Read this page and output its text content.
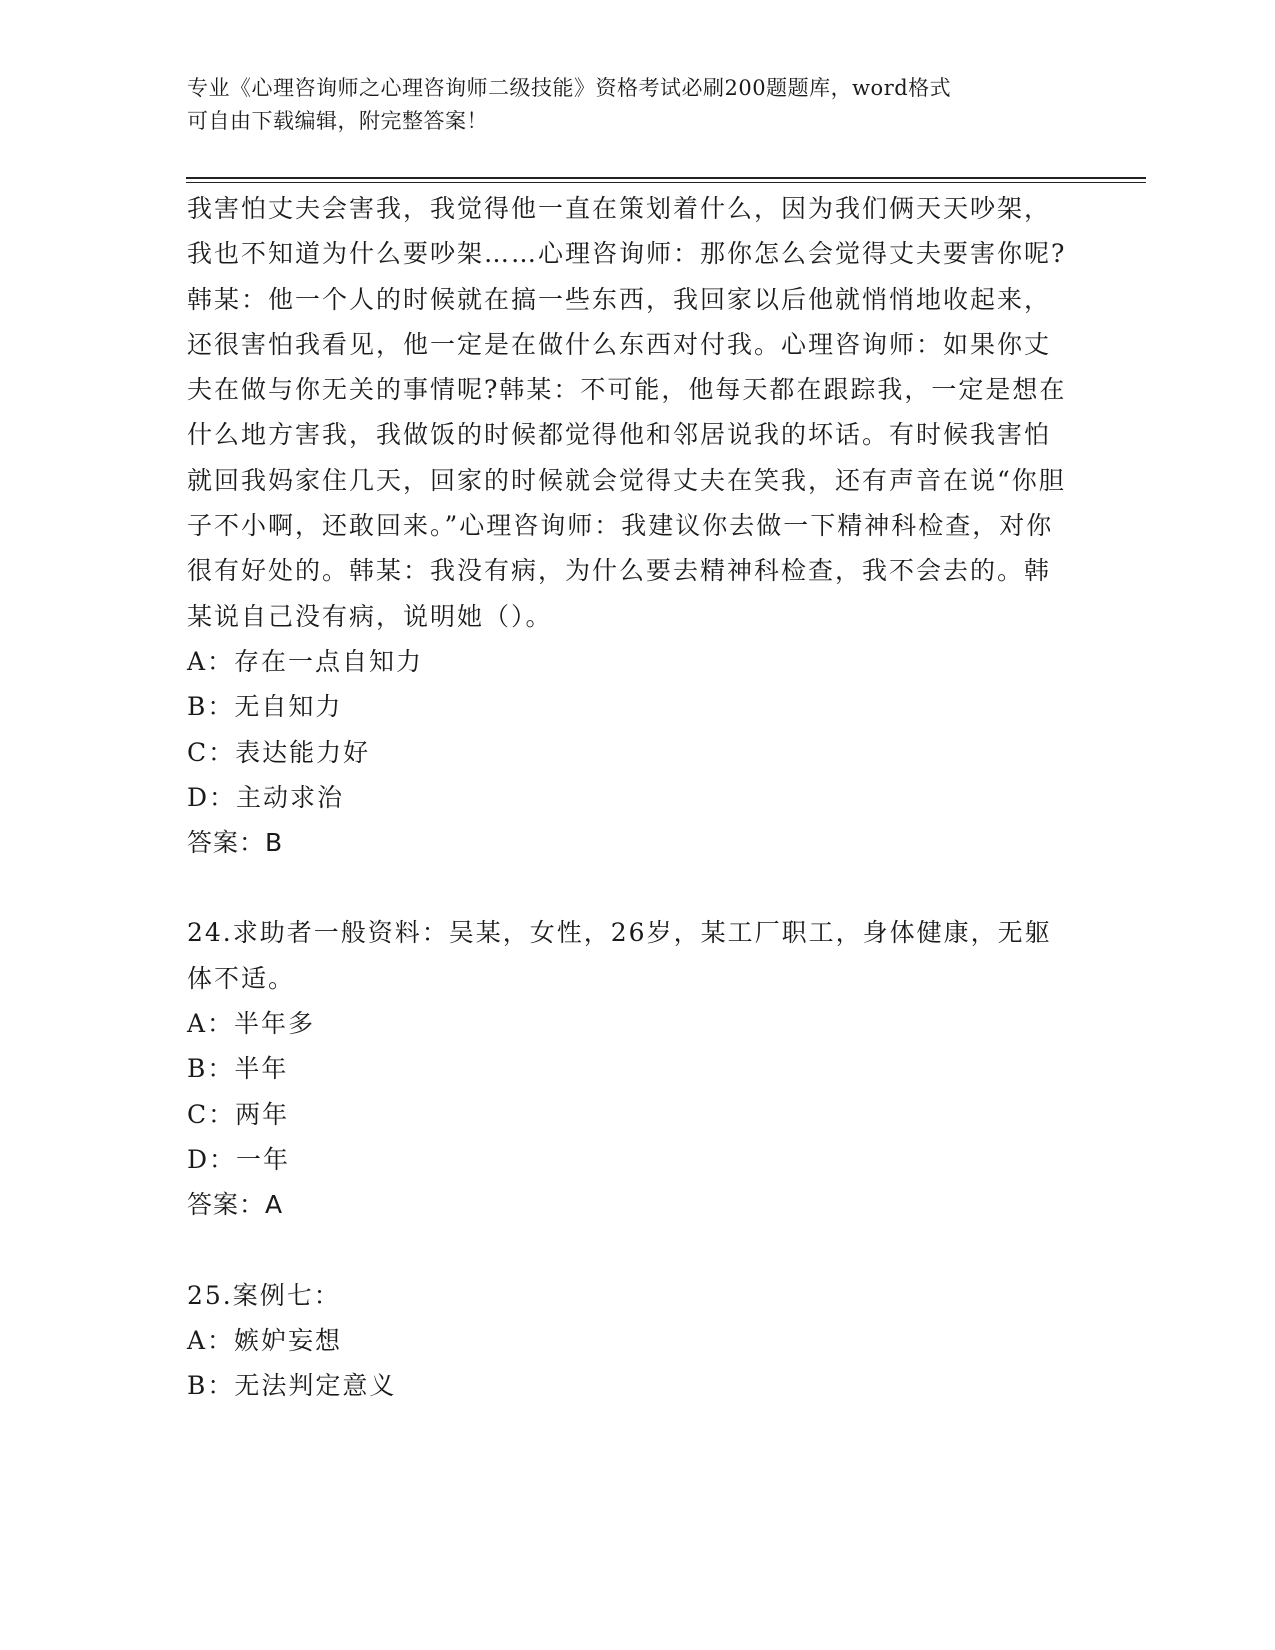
专业《心理咨询师之心理咨询师二级技能》资格考试必刷200题题库，word格式
可自由下载编辑，附完整答案！

我害怕丈夫会害我，我觉得他一直在策划着什么，因为我们俩天天吵架，我也不知道为什么要吵架……心理咨询师：那你怎么会觉得丈夫要害你呢?韩某：他一个人的时候就在搞一些东西，我回家以后他就悄悄地收起来，还很害怕我看见，他一定是在做什么东西对付我。心理咨询师：如果你丈夫在做与你无关的事情呢?韩某：不可能，他每天都在跟踪我，一定是想在什么地方害我，我做饭的时候都觉得他和邻居说我的坏话。有时候我害怕就回我妈家住几天，回家的时候就会觉得丈夫在笑我，还有声音在说“你胆子不小啊，还敢回来。”心理咨询师：我建议你去做一下精神科检查，对你很有好处的。韩某：我没有病，为什么要去精神科检查，我不会去的。韩某说自己没有病，说明她（）。

A：存在一点自知力

B：无自知力

C：表达能力好

D：主动求治

答案：B

24.求助者一般资料：吴某，女性，26岁，某工厂职工，身体健康，无躯体不适。

A：半年多

B：半年

C：两年

D：一年

答案：A

25.案例七：

A：嫉妒妄想

B：无法判定意义
